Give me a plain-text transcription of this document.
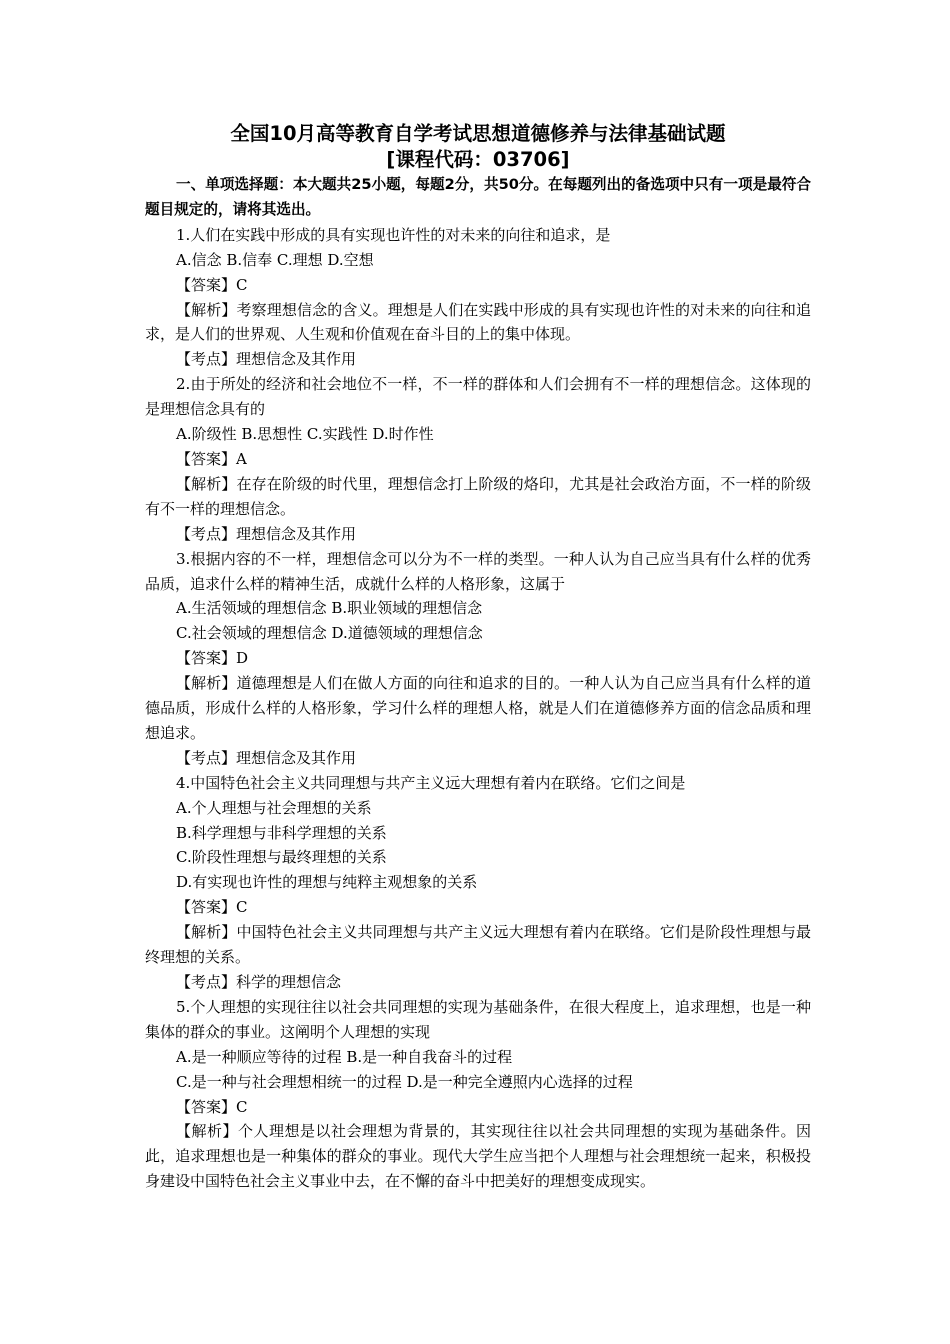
全国10月高等教育自学考试思想道德修养与法律基础试题
[课程代码：03706]
一、单项选择题：本大题共25小题，每题2分，共50分。在每题列出的备选项中只有一项是最符合题目规定的，请将其选出。
1.人们在实践中形成的具有实现也许性的对未来的向往和追求，是
A.信念 B.信奉 C.理想 D.空想
【答案】C
【解析】考察理想信念的含义。理想是人们在实践中形成的具有实现也许性的对未来的向往和追求，是人们的世界观、人生观和价值观在奋斗目的上的集中体现。
【考点】理想信念及其作用
2.由于所处的经济和社会地位不一样，不一样的群体和人们会拥有不一样的理想信念。这体现的是理想信念具有的
A.阶级性 B.思想性 C.实践性 D.时作性
【答案】A
【解析】在存在阶级的时代里，理想信念打上阶级的烙印，尤其是社会政治方面，不一样的阶级有不一样的理想信念。
【考点】理想信念及其作用
3.根据内容的不一样，理想信念可以分为不一样的类型。一种人认为自己应当具有什么样的优秀品质，追求什么样的精神生活，成就什么样的人格形象，这属于
A.生活领域的理想信念 B.职业领域的理想信念
C.社会领域的理想信念 D.道德领域的理想信念
【答案】D
【解析】道德理想是人们在做人方面的向往和追求的目的。一种人认为自己应当具有什么样的道德品质，形成什么样的人格形象，学习什么样的理想人格，就是人们在道德修养方面的信念品质和理想追求。
【考点】理想信念及其作用
4.中国特色社会主义共同理想与共产主义远大理想有着内在联络。它们之间是
A.个人理想与社会理想的关系
B.科学理想与非科学理想的关系
C.阶段性理想与最终理想的关系
D.有实现也许性的理想与纯粹主观想象的关系
【答案】C
【解析】中国特色社会主义共同理想与共产主义远大理想有着内在联络。它们是阶段性理想与最终理想的关系。
【考点】科学的理想信念
5.个人理想的实现往往以社会共同理想的实现为基础条件，在很大程度上，追求理想，也是一种集体的群众的事业。这阐明个人理想的实现
A.是一种顺应等待的过程 B.是一种自我奋斗的过程
C.是一种与社会理想相统一的过程 D.是一种完全遵照内心选择的过程
【答案】C
【解析】个人理想是以社会理想为背景的，其实现往往以社会共同理想的实现为基础条件。因此，追求理想也是一种集体的群众的事业。现代大学生应当把个人理想与社会理想统一起来，积极投身建设中国特色社会主义事业中去，在不懈的奋斗中把美好的理想变成现实。
